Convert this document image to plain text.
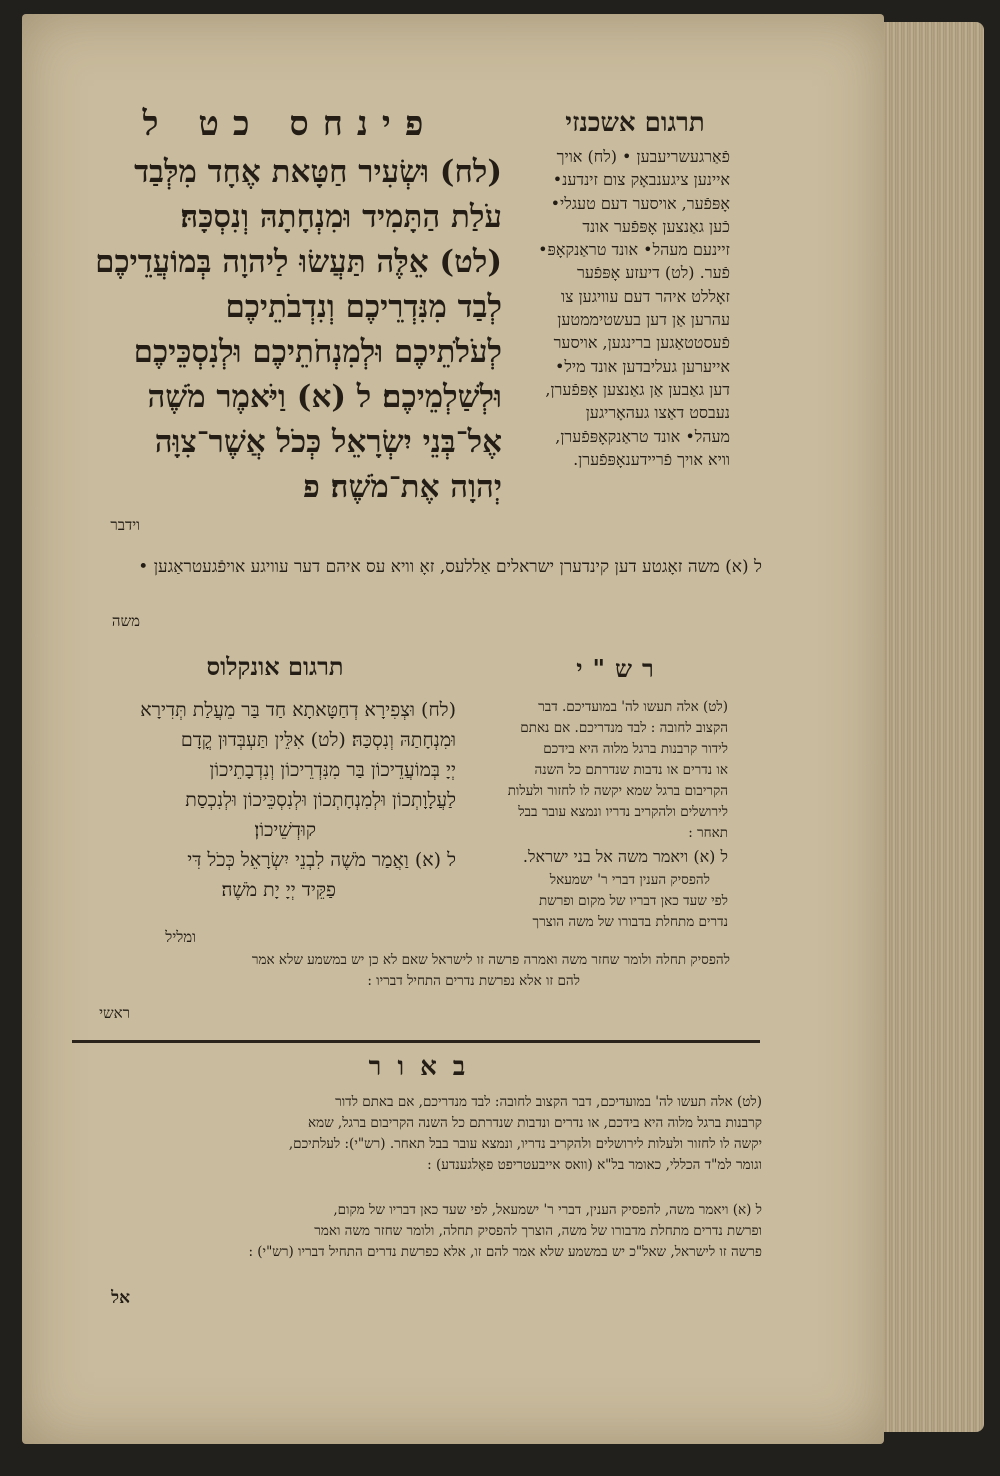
תרגום אשכנזי
פינחס כט ל
(לח) וּשְׂעִיר חַטָּאת אֶחָד מִלְּבַד
עֹלַת הַתָּמִיד וּמִנְחָתָהּ וְנִסְכָּהּ׃
(לט) אֵלֶּה תַּעֲשׂוּ לַיהוָה בְּמוֹעֲדֵיכֶם
לְבַד מִנִּדְרֵיכֶם וְנִדְבֹתֵיכֶם
לְעֹלֹתֵיכֶם וּלְמִנְחֹתֵיכֶם וּלְנִסְכֵּיכֶם
וּלְשַׁלְמֵיכֶם׃ ל (א) וַיֹּאמֶר מֹשֶׁה
אֶל־בְּנֵי יִשְׂרָאֵל כְּכֹל אֲשֶׁר־צִוָּה
יְהוָה אֶת־מֹשֶׁה׃ פ
וידבר
פֿאַרגעשריעבען • (לח) אויך
איינען ציגענבאָק צום זינדענ•
אָפּפֿער, אויסער דעם טעגלי•
כֿען גאַנצען אָפּפֿער אונד
זיינעם מעהל• אונד טראַנקאָפּ•
פֿער. (לט) דיעזע אָפּפֿער
זאָללט איהר דעם עוויגען צו
עהרען אַן דען בעשטיממטען
פֿעסטטאַגען ברינגען, אויסער
אייערען געליבדען אונד מיל•
דען גאַבען אַן גאַנצען אָפּפֿערן,
נעבסט דאַצו געהאָריגען
מעהל• אונד טראַנקאָפּפֿערן,
וויא אויך פֿריידענאָפּפֿערן.
ל (א) משה זאָגטע דען קינדערן ישראלים אַללעס, זאָ וויא עס איהם דער עוויגע אויפֿגעטראַגען •
משה
תרגום אונקלוס	רש"י
(לח) וּצְפִירָא דְחַטָּאתָא חַד בַּר מֵעֲלַת תְּדִירָא
וּמִנְחָתַהּ וְנִסְכַּהּ׃ (לט) אִלֵּין תַּעְבְּדוּן קֳדָם
יְיָ בְּמוֹעֲדֵיכוֹן בַּר מִנִּדְרֵיכוֹן וְנִדְבָתֵיכוֹן
לַעֲלָוָתְכוֹן וּלְמִנְחָתְכוֹן וּלְנִסְכֵּיכוֹן וּלְנִכְסַת
קוּדְשֵׁיכוֹן׃
ל (א) וַאֲמַר מֹשֶׁה לִבְנֵי יִשְׂרָאֵל כְּכֹל דִּי
פַקֵּיד יְיָ יָת מֹשֶׁה׃
ומליל
(לט) אלה תעשו לה' במועדיכם. דבר
הקצוב לחובה : לבד מנדריכם. אם נאתם
לידור קרבנות ברגל מלוה היא בידכם
או נדרים או נדבות שנדרתם כל השנה
הקריבום ברגל שמא יקשה לו לחזור ולעלות
לירושלים ולהקריב נדריו ונמצא עובר בבל
תאחר :
ל (א) ויאמר משה אל בני ישראל.
להפסיק הענין דברי ר' ישמעאל
לפי שעד כאן דבריו של מקום ופרשת
נדרים מתחלת בדבורו של משה הוצרך
להפסיק תחלה ולומר שחזר משה ואמרה פרשה זו לישראל שאם לא כן יש במשמע שלא אמר
להם זו אלא נפרשת נדרים התחיל דבריו :
ראשי
באור
(לט) אלה תעשו לה' במועדיכם, דבר הקצוב לחובה: לבד מנדריכם, אם באתם לדור
קרבנות ברגל מלוה היא בידכם, או נדרים ונדבות שנדרתם כל השנה הקריבום ברגל, שמא
יקשה לו לחזור ולעלות לירושלים ולהקריב נדריו, ונמצא עובר בבל תאחר. (רש"י): לעלתיכם,
וגומר למ"ד הכללי, כאומר בל"א (וואס אייבעטריפט פאָלגענדע) :
ל (א) ויאמר משה, להפסיק הענין, דברי ר' ישמעאל, לפי שעד כאן דבריו של מקום,
ופרשת נדרים מתחלת מדבורו של משה, הוצרך להפסיק תחלה, ולומר שחזר משה ואמר
פרשה זו לישראל, שאל"כ יש במשמע שלא אמר להם זו, אלא כפרשת נדרים התחיל דבריו (רש"י) :
אל
